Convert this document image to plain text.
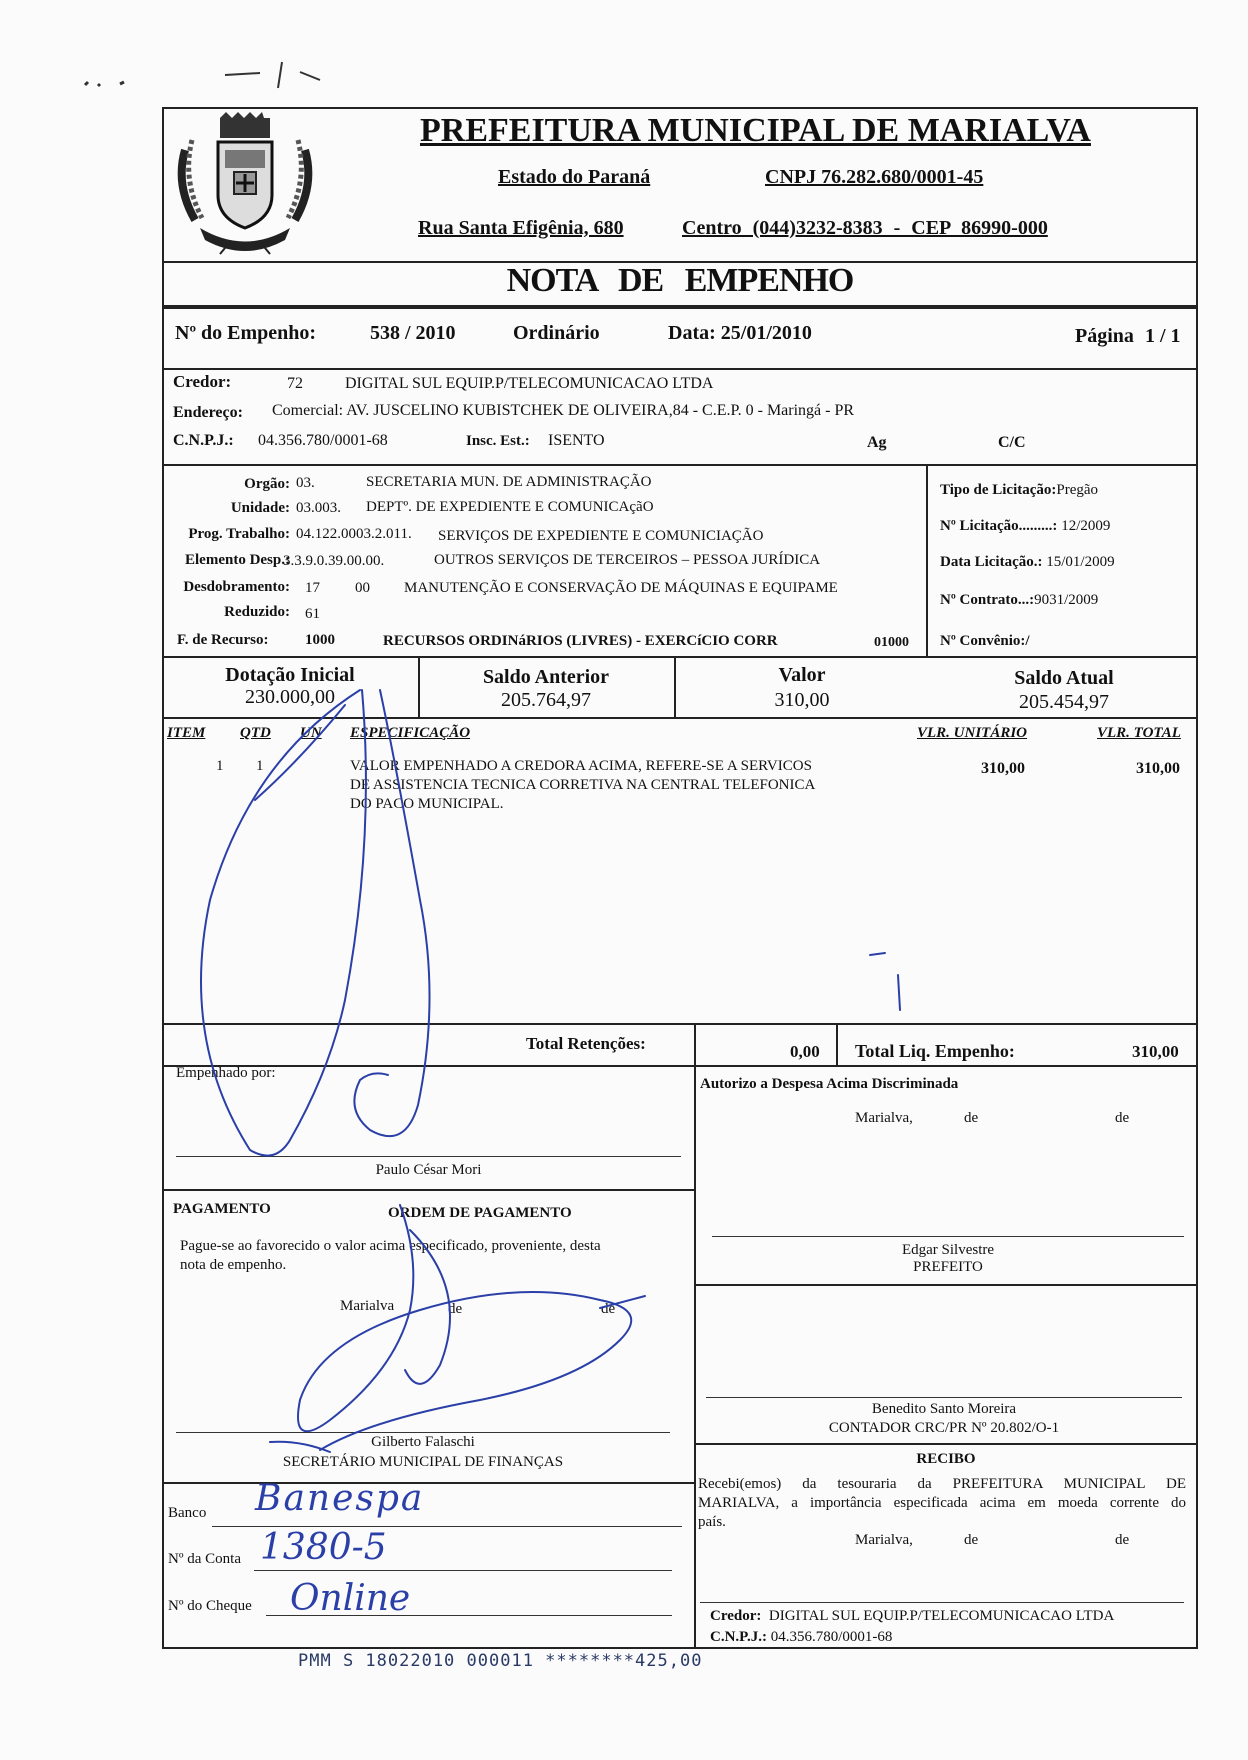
PREFEITURA MUNICIPAL DE MARIALVA
Estado do Paraná	CNPJ 76.282.680/0001-45
Rua Santa Efigênia, 680	Centro (044)3232-8383 - CEP 86990-000
NOTA DE EMPENHO
Nº do Empenho:	538 / 2010	Ordinário	Data: 25/01/2010	Página 1 / 1
Credor:	72	DIGITAL SUL EQUIP.P/TELECOMUNICACAO LTDA
Endereço: Comercial: AV. JUSCELINO KUBISTCHEK DE OLIVEIRA,84 - C.E.P. 0 - Maringá - PR
C.N.P.J.: 04.356.780/0001-68	Insc. Est.: ISENTO	Ag	C/C
Orgão: 03.	SECRETARIA MUN. DE ADMINISTRAÇÃO
Unidade: 03.003. DEPTº. DE EXPEDIENTE E COMUNICAçãO
Prog. Trabalho: 04.122.0003.2.011. SERVIÇOS DE EXPEDIENTE E COMUNICIAÇÃO
Elemento Desp.:
3.3.9.0.39.00.00.	OUTROS SERVIÇOS DE TERCEIROS – PESSOA JURÍDICA
Desdobramento: 17 00 MANUTENÇÃO E CONSERVAÇÃO DE MÁQUINAS E EQUIPAME
Reduzido: 61
F. de Recurso: 1000	RECURSOS ORDINáRIOS (LIVRES) - EXERCíCIO CORR	01000
Tipo de Licitação:Pregão
Nº Licitação.........: 12/2009
Data Licitação.: 15/01/2009
Nº Contrato...:9031/2009
Nº Convênio:/
Dotação Inicial
230.000,00
Saldo Anterior
205.764,97
Valor
310,00
Saldo Atual
205.454,97
ITEM QTD UN ESPECIFICAÇÃO	VLR. UNITÁRIO	VLR. TOTAL
1 1	VALOR EMPENHADO A CREDORA ACIMA, REFERE-SE A SERVICOS
DE ASSISTENCIA TECNICA CORRETIVA NA CENTRAL TELEFONICA
DO PACO MUNICIPAL.
310,00	310,00
Total Retenções:	0,00 Total Liq. Empenho:	310,00
Empenhado por:
Paulo César Mori
PAGAMENTO	ORDEM DE PAGAMENTO
Pague-se ao favorecido o valor acima especificado, proveniente, desta
nota de empenho.
Marialva	de	de
Gilberto Falaschi
SECRETÁRIO MUNICIPAL DE FINANÇAS
Banco Banespa
Nº da Conta 1380-5
Nº do Cheque Online
Autorizo a Despesa Acima Discriminada
Marialva,	de	de
Edgar Silvestre
PREFEITO
Benedito Santo Moreira
CONTADOR CRC/PR Nº 20.802/O-1
RECIBO
Recebi(emos) da tesouraria da PREFEITURA MUNICIPAL DE
MARIALVA, a importância especificada acima em moeda corrente do
país.
Marialva,	de	de
Credor: DIGITAL SUL EQUIP.P/TELECOMUNICACAO LTDA
C.N.P.J.: 04.356.780/0001-68
PMM S 18022010 000011 ********425,00
